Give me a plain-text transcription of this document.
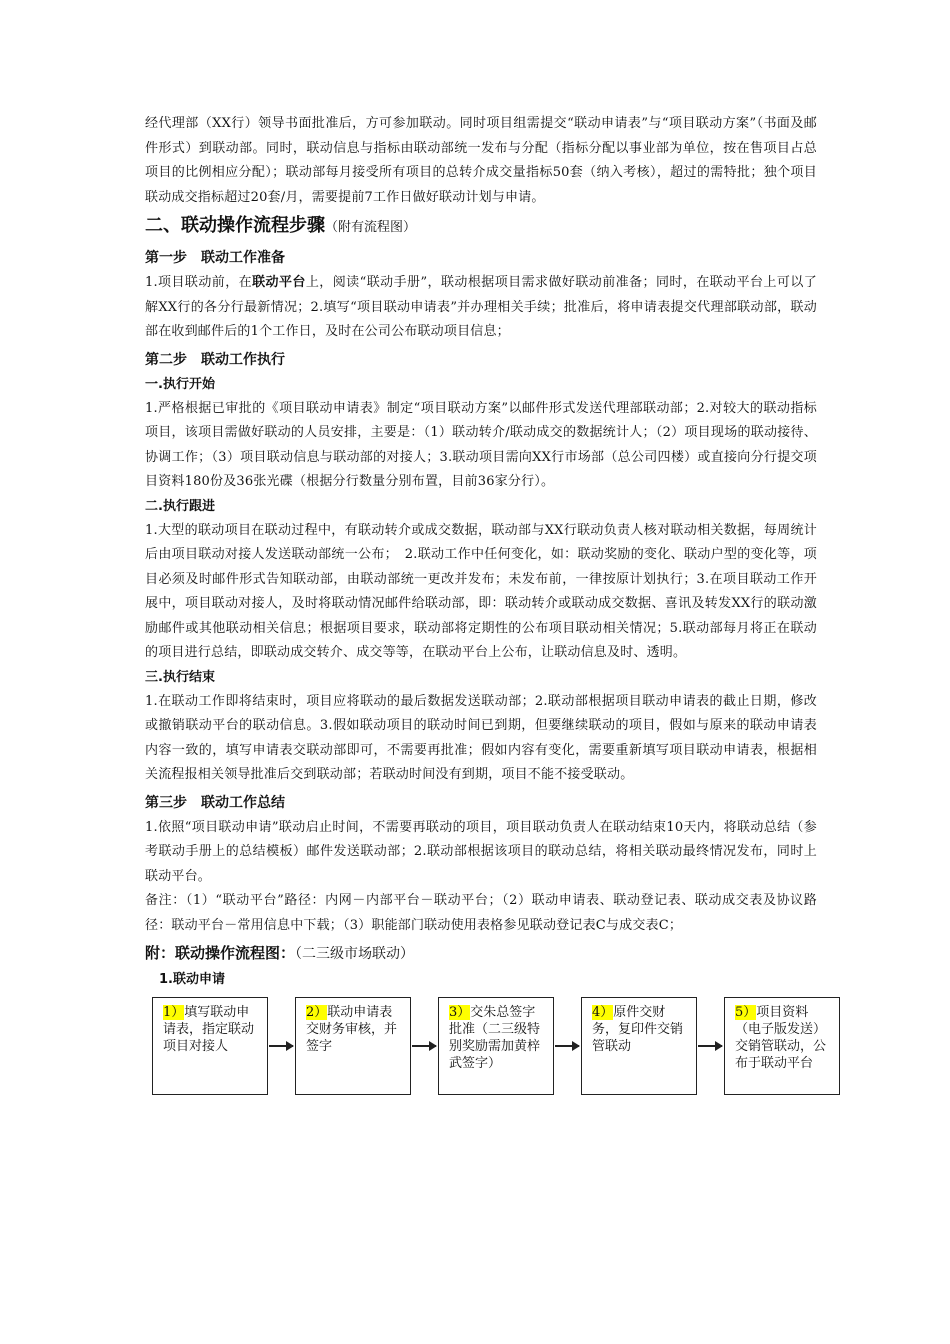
经代理部（XX行）领导书面批准后，方可参加联动。同时项目组需提交“联动申请表”与“项目联动方案”（书面及邮件形式）到联动部。同时，联动信息与指标由联动部统一发布与分配（指标分配以事业部为单位，按在售项目占总项目的比例相应分配）；联动部每月接受所有项目的总转介成交量指标50套（纳入考核），超过的需特批；独个项目联动成交指标超过20套/月，需要提前7工作日做好联动计划与申请。

二、联动操作流程步骤（附有流程图）
第一步　联动工作准备

1.项目联动前，在联动平台上，阅读“联动手册”，联动根据项目需求做好联动前准备；同时，在联动平台上可以了解XX行的各分行最新情况；2.填写“项目联动申请表”并办理相关手续；批准后，将申请表提交代理部联动部，联动部在收到邮件后的1个工作日，及时在公司公布联动项目信息；

第二步　联动工作执行
一.执行开始

1.严格根据已审批的《项目联动申请表》制定“项目联动方案”以邮件形式发送代理部联动部；2.对较大的联动指标项目，该项目需做好联动的人员安排，主要是：（1）联动转介/联动成交的数据统计人；（2）项目现场的联动接待、协调工作；（3）项目联动信息与联动部的对接人；3.联动项目需向XX行市场部（总公司四楼）或直接向分行提交项目资料180份及36张光碟（根据分行数量分别布置，目前36家分行）。

二.执行跟进

1.大型的联动项目在联动过程中，有联动转介或成交数据，联动部与XX行联动负责人核对联动相关数据，每周统计后由项目联动对接人发送联动部统一公布；　2.联动工作中任何变化，如：联动奖励的变化、联动户型的变化等，项目必须及时邮件形式告知联动部，由联动部统一更改并发布；未发布前，一律按原计划执行；3.在项目联动工作开展中，项目联动对接人，及时将联动情况邮件给联动部，即：联动转介或联动成交数据、喜讯及转发XX行的联动激励邮件或其他联动相关信息；根据项目要求，联动部将定期性的公布项目联动相关情况；5.联动部每月将正在联动的项目进行总结，即联动成交转介、成交等等，在联动平台上公布，让联动信息及时、透明。

三.执行结束

1.在联动工作即将结束时，项目应将联动的最后数据发送联动部；2.联动部根据项目联动申请表的截止日期，修改或撤销联动平台的联动信息。3.假如联动项目的联动时间已到期，但要继续联动的项目，假如与原来的联动申请表内容一致的，填写申请表交联动部即可，不需要再批准；假如内容有变化，需要重新填写项目联动申请表，根据相关流程报相关领导批准后交到联动部；若联动时间没有到期，项目不能不接受联动。

第三步　联动工作总结

1.依照“项目联动申请”联动启止时间，不需要再联动的项目，项目联动负责人在联动结束10天内，将联动总结（参考联动手册上的总结模板）邮件发送联动部；2.联动部根据该项目的联动总结，将相关联动最终情况发布，同时上联动平台。

备注：（1）“联动平台”路径：内网－内部平台－联动平台；（2）联动申请表、联动登记表、联动成交表及协议路径：联动平台－常用信息中下载；（3）职能部门联动使用表格参见联动登记表C与成交表C；

附：联动操作流程图：（二三级市场联动）
1.联动申请
1）填写联动申请表，指定联动项目对接人
2）联动申请表交财务审核，并签字
3）交朱总签字批准（二三级特别奖励需加黄梓武签字）
4）原件交财务，复印件交销管联动
5）项目资料（电子版发送）交销管联动，公布于联动平台
